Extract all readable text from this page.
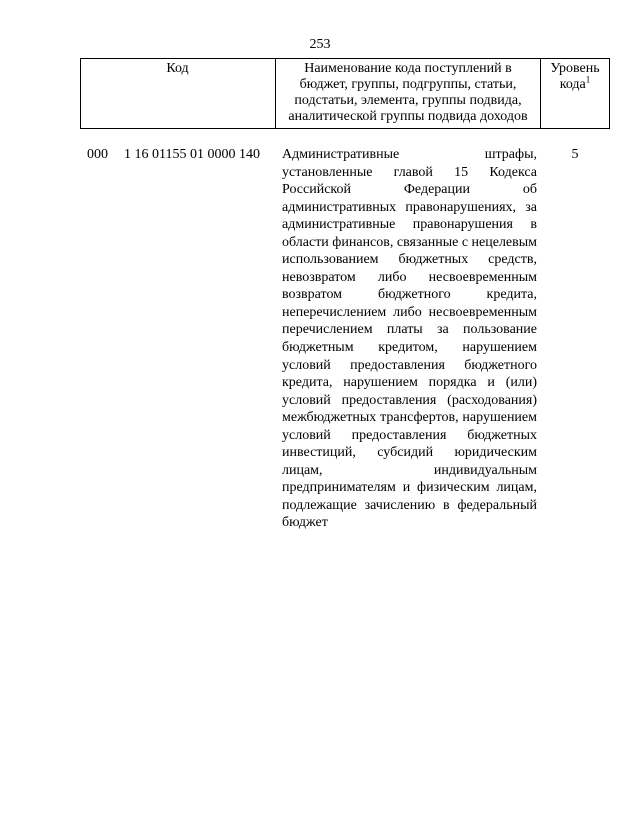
253
Код	Наименование кода поступлений в бюджет, группы, подгруппы, статьи, подстатьи, элемента, группы подвида, аналитической группы подвида доходов
Уровень кода$^1$
000 1 16 01155 01 0000 140 Административные штрафы, установленные главой 15 Кодекса Российской Федерации об административных правонарушениях, за административные правонарушения в области финансов, связанные с нецелевым использованием бюджетных средств, невозвратом либо несвоевременным возвратом бюджетного кредита, неперечислением либо несвоевременным перечислением платы за пользование бюджетным кредитом, нарушением условий предоставления бюджетного кредита, нарушением порядка и (или) условий предоставления (расходования) межбюджетных трансфертов, нарушением условий предоставления бюджетных инвестиций, субсидий юридическим лицам, индивидуальным предпринимателям и физическим лицам, подлежащие зачислению в федеральный бюджет
5
